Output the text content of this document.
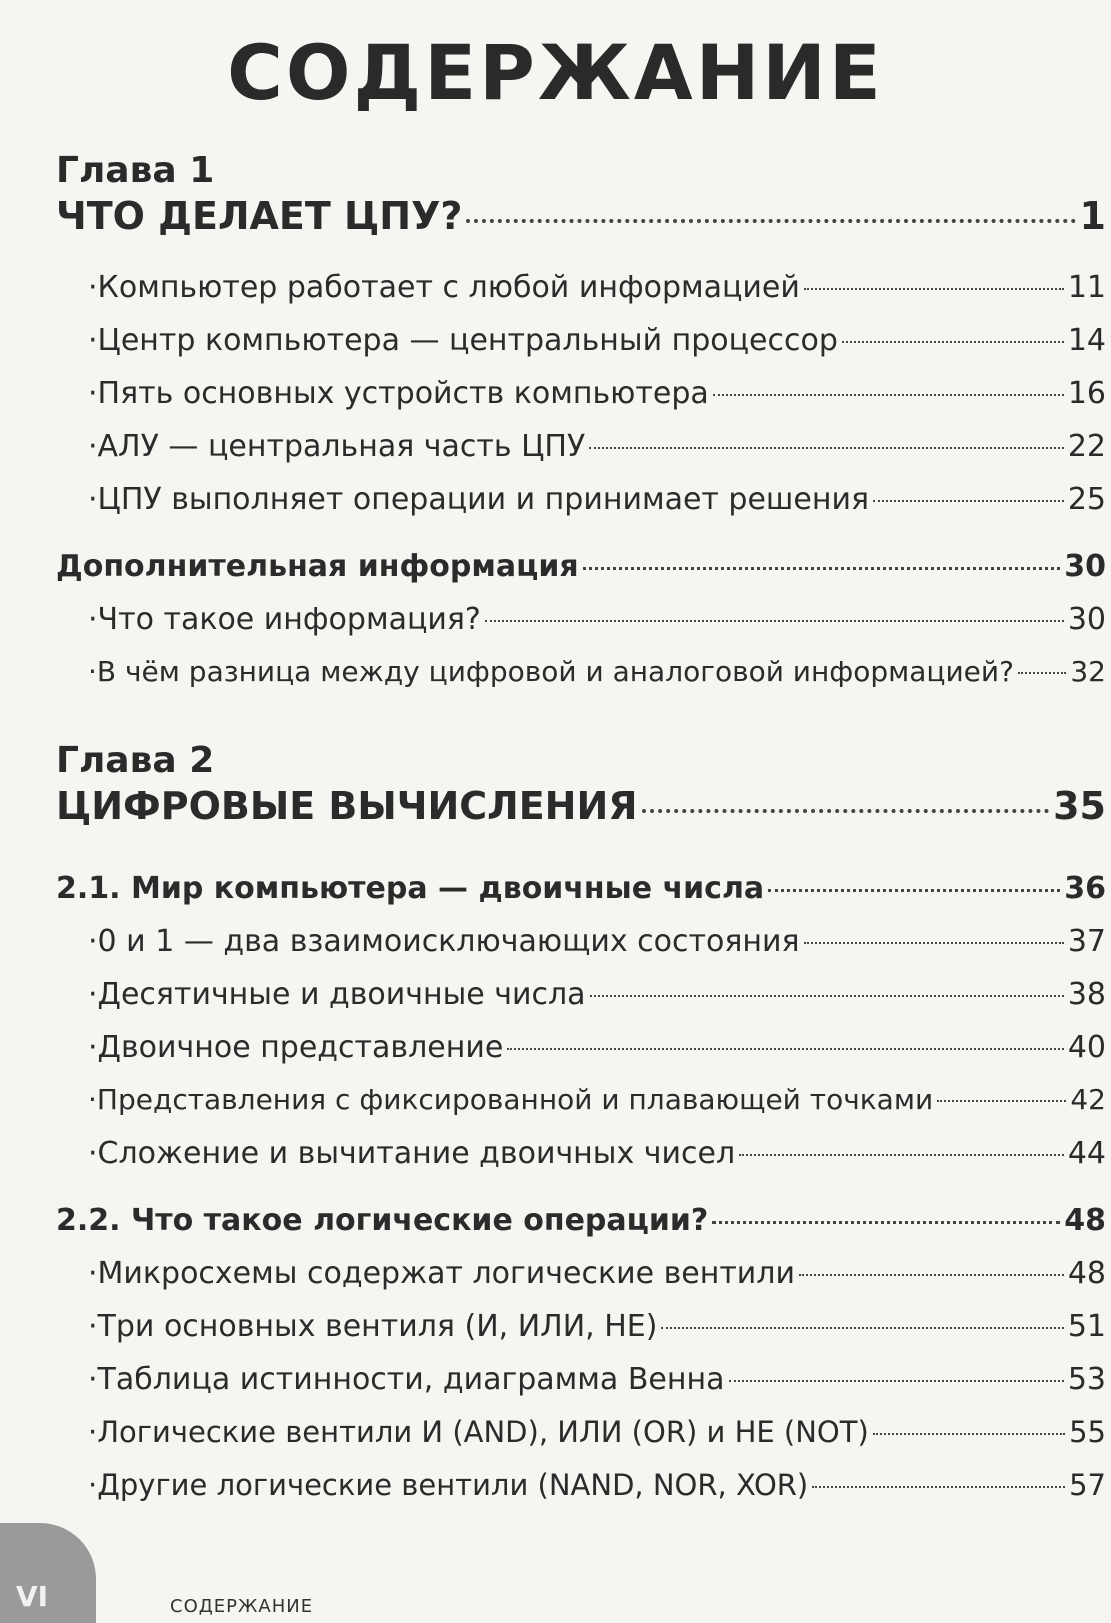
СОДЕРЖАНИЕ
Глава 1
ЧТО ДЕЛАЕТ ЦПУ?	1
·Компьютер работает с любой информацией	11
·Центр компьютера — центральный процессор	14
·Пять основных устройств компьютера	16
·АЛУ — центральная часть ЦПУ	22
·ЦПУ выполняет операции и принимает решения	25
Дополнительная информация	30
·Что такое информация?	30
·В чём разница между цифровой и аналоговой информацией? 32
Глава 2
ЦИФРОВЫЕ ВЫЧИСЛЕНИЯ	35
2.1. Мир компьютера — двоичные числа	36
·0 и 1 — два взаимоисключающих состояния	37
·Десятичные и двоичные числа	38
·Двоичное представление	40
·Представления с фиксированной и плавающей точками	42
·Сложение и вычитание двоичных чисел	44
2.2. Что такое логические операции?	48
·Микросхемы содержат логические вентили	48
·Три основных вентиля (И, ИЛИ, НЕ)	51
·Таблица истинности, диаграмма Венна	53
·Логические вентили И (AND), ИЛИ (OR) и НЕ (NOT)	55
·Другие логические вентили (NAND, NOR, XOR)	57
VI	СОДЕРЖАНИЕ
